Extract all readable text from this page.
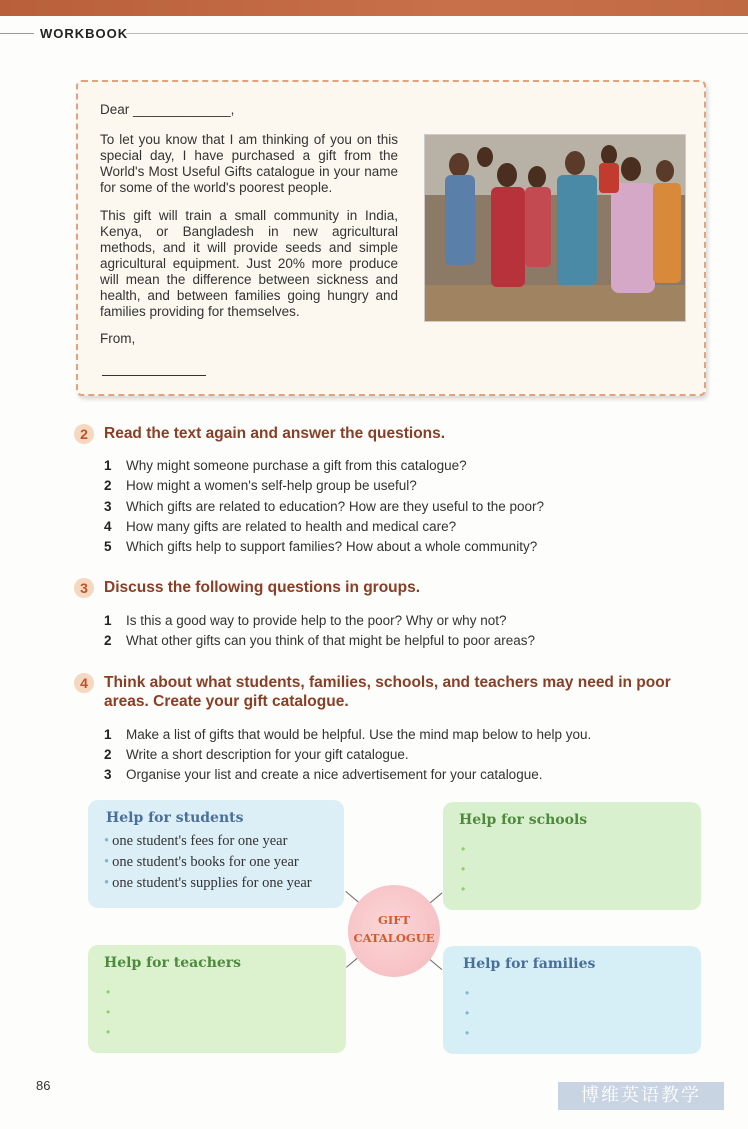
WORKBOOK

Dear _____________,

To let you know that I am thinking of you on this special day, I have purchased a gift from the World's Most Useful Gifts catalogue in your name for some of the world's poorest people.

This gift will train a small community in India, Kenya, or Bangladesh in new agricultural methods, and it will provide seeds and simple agricultural equipment. Just 20% more produce will mean the difference between sickness and health, and between families going hungry and families providing for themselves.

From,

2	Read the text again and answer the questions.
1 Why might someone purchase a gift from this catalogue?
2 How might a women's self-help group be useful?
3 Which gifts are related to education? How are they useful to the poor?
4 How many gifts are related to health and medical care?
5 Which gifts help to support families? How about a whole community?
3	Discuss the following questions in groups.
1 Is this a good way to provide help to the poor? Why or why not?
2 What other gifts can you think of that might be helpful to poor areas?
4	Think about what students, families, schools, and teachers may need in poor
areas. Create your gift catalogue.
1 Make a list of gifts that would be helpful. Use the mind map below to help you.
2 Write a short description for your gift catalogue.
3 Organise your list and create a nice advertisement for your catalogue.
Help for students
• one student's fees for one year
• one student's books for one year
• one student's supplies for one year
Help for schools
•
•
•
Help for teachers
•
•
•
Help for families
•
•
•
GIFT
CATALOGUE
86	博维英语教学
